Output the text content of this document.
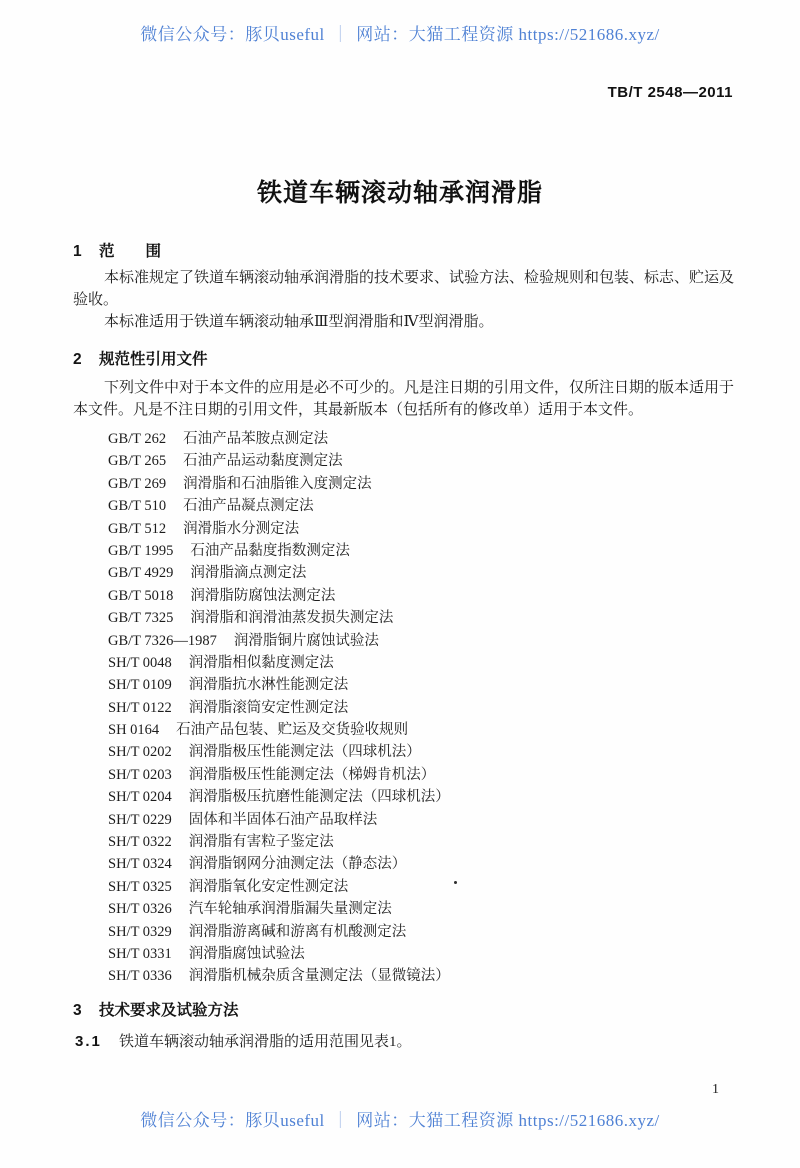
微信公众号：豚贝useful ｜ 网站：大猫工程资源 https://521686.xyz/
TB/T 2548—2011
铁道车辆滚动轴承润滑脂
1 范　　围
本标准规定了铁道车辆滚动轴承润滑脂的技术要求、试验方法、检验规则和包装、标志、贮运及
验收。
本标准适用于铁道车辆滚动轴承Ⅲ型润滑脂和Ⅳ型润滑脂。
2 规范性引用文件
下列文件中对于本文件的应用是必不可少的。凡是注日期的引用文件，仅所注日期的版本适用于
本文件。凡是不注日期的引用文件，其最新版本（包括所有的修改单）适用于本文件。
GB/T 262 石油产品苯胺点测定法
GB/T 265 石油产品运动黏度测定法
GB/T 269 润滑脂和石油脂锥入度测定法
GB/T 510 石油产品凝点测定法
GB/T 512 润滑脂水分测定法
GB/T 1995 石油产品黏度指数测定法
GB/T 4929 润滑脂滴点测定法
GB/T 5018 润滑脂防腐蚀法测定法
GB/T 7325 润滑脂和润滑油蒸发损失测定法
GB/T 7326—1987 润滑脂铜片腐蚀试验法
SH/T 0048 润滑脂相似黏度测定法
SH/T 0109 润滑脂抗水淋性能测定法
SH/T 0122 润滑脂滚筒安定性测定法
SH 0164 石油产品包装、贮运及交货验收规则
SH/T 0202 润滑脂极压性能测定法（四球机法）
SH/T 0203 润滑脂极压性能测定法（梯姆肯机法）
SH/T 0204 润滑脂极压抗磨性能测定法（四球机法）
SH/T 0229 固体和半固体石油产品取样法
SH/T 0322 润滑脂有害粒子鉴定法
SH/T 0324 润滑脂钢网分油测定法（静态法）
SH/T 0325 润滑脂氧化安定性测定法
SH/T 0326 汽车轮轴承润滑脂漏失量测定法
SH/T 0329 润滑脂游离碱和游离有机酸测定法
SH/T 0331 润滑脂腐蚀试验法
SH/T 0336 润滑脂机械杂质含量测定法（显微镜法）
3 技术要求及试验方法
3.1 铁道车辆滚动轴承润滑脂的适用范围见表1。
1
微信公众号：豚贝useful ｜ 网站：大猫工程资源 https://521686.xyz/
